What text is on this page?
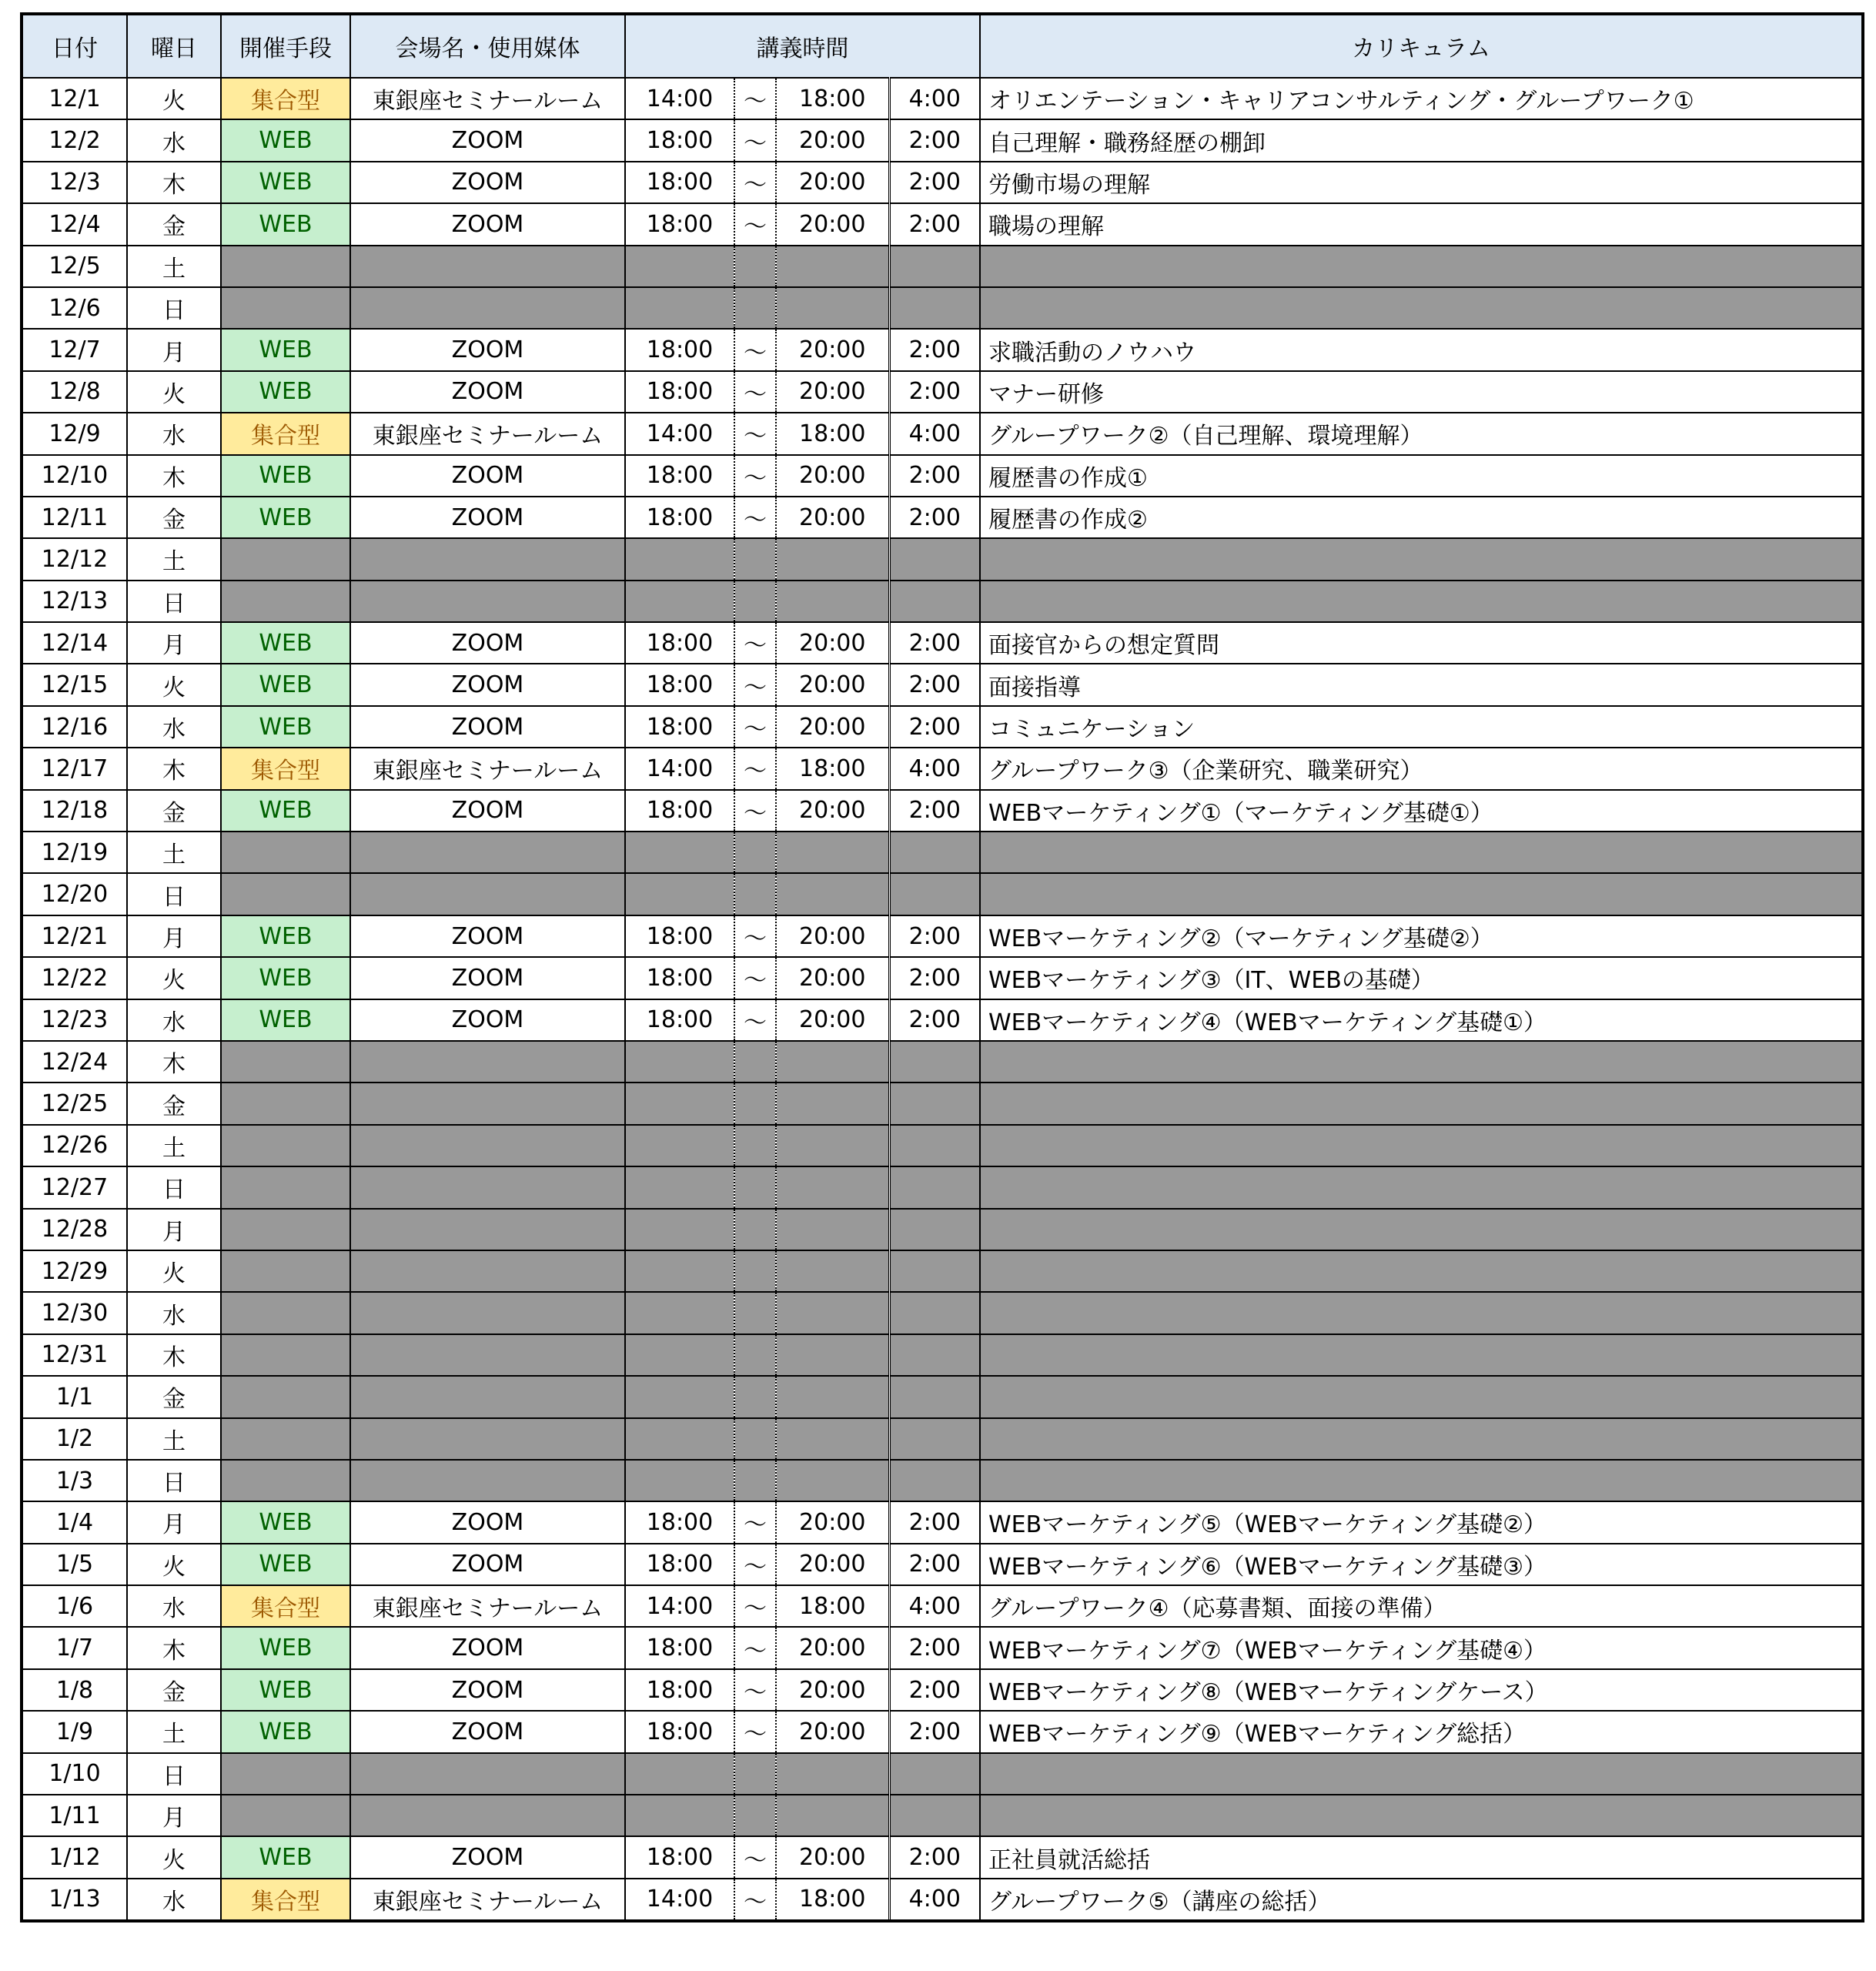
日付	曜日	開催手段	会場名・使用媒体	講義時間				カリキュラム
12/1	火	集合型	東銀座セミナールーム	14:00	～	18:00	4:00	オリエンテーション・キャリアコンサルティング・グループワーク①
12/2	水	WEB	ZOOM	18:00	～	20:00	2:00	自己理解・職務経歴の棚卸
12/3	木	WEB	ZOOM	18:00	～	20:00	2:00	労働市場の理解
12/4	金	WEB	ZOOM	18:00	～	20:00	2:00	職場の理解
12/5	土							
12/6	日							
12/7	月	WEB	ZOOM	18:00	～	20:00	2:00	求職活動のノウハウ
12/8	火	WEB	ZOOM	18:00	～	20:00	2:00	マナー研修
12/9	水	集合型	東銀座セミナールーム	14:00	～	18:00	4:00	グループワーク②（自己理解、環境理解）
12/10	木	WEB	ZOOM	18:00	～	20:00	2:00	履歴書の作成①
12/11	金	WEB	ZOOM	18:00	～	20:00	2:00	履歴書の作成②
12/12	土							
12/13	日							
12/14	月	WEB	ZOOM	18:00	～	20:00	2:00	面接官からの想定質問
12/15	火	WEB	ZOOM	18:00	～	20:00	2:00	面接指導
12/16	水	WEB	ZOOM	18:00	～	20:00	2:00	コミュニケーション
12/17	木	集合型	東銀座セミナールーム	14:00	～	18:00	4:00	グループワーク③（企業研究、職業研究）
12/18	金	WEB	ZOOM	18:00	～	20:00	2:00	WEBマーケティング①（マーケティング基礎①）
12/19	土							
12/20	日							
12/21	月	WEB	ZOOM	18:00	～	20:00	2:00	WEBマーケティング②（マーケティング基礎②）
12/22	火	WEB	ZOOM	18:00	～	20:00	2:00	WEBマーケティング③（IT、WEBの基礎）
12/23	水	WEB	ZOOM	18:00	～	20:00	2:00	WEBマーケティング④（WEBマーケティング基礎①）
12/24	木							
12/25	金							
12/26	土							
12/27	日							
12/28	月							
12/29	火							
12/30	水							
12/31	木							
1/1	金							
1/2	土							
1/3	日							
1/4	月	WEB	ZOOM	18:00	～	20:00	2:00	WEBマーケティング⑤（WEBマーケティング基礎②）
1/5	火	WEB	ZOOM	18:00	～	20:00	2:00	WEBマーケティング⑥（WEBマーケティング基礎③）
1/6	水	集合型	東銀座セミナールーム	14:00	～	18:00	4:00	グループワーク④（応募書類、面接の準備）
1/7	木	WEB	ZOOM	18:00	～	20:00	2:00	WEBマーケティング⑦（WEBマーケティング基礎④）
1/8	金	WEB	ZOOM	18:00	～	20:00	2:00	WEBマーケティング⑧（WEBマーケティングケース）
1/9	土	WEB	ZOOM	18:00	～	20:00	2:00	WEBマーケティング⑨（WEBマーケティング総括）
1/10	日							
1/11	月							
1/12	火	WEB	ZOOM	18:00	～	20:00	2:00	正社員就活総括
1/13	水	集合型	東銀座セミナールーム	14:00	～	18:00	4:00	グループワーク⑤（講座の総括）
